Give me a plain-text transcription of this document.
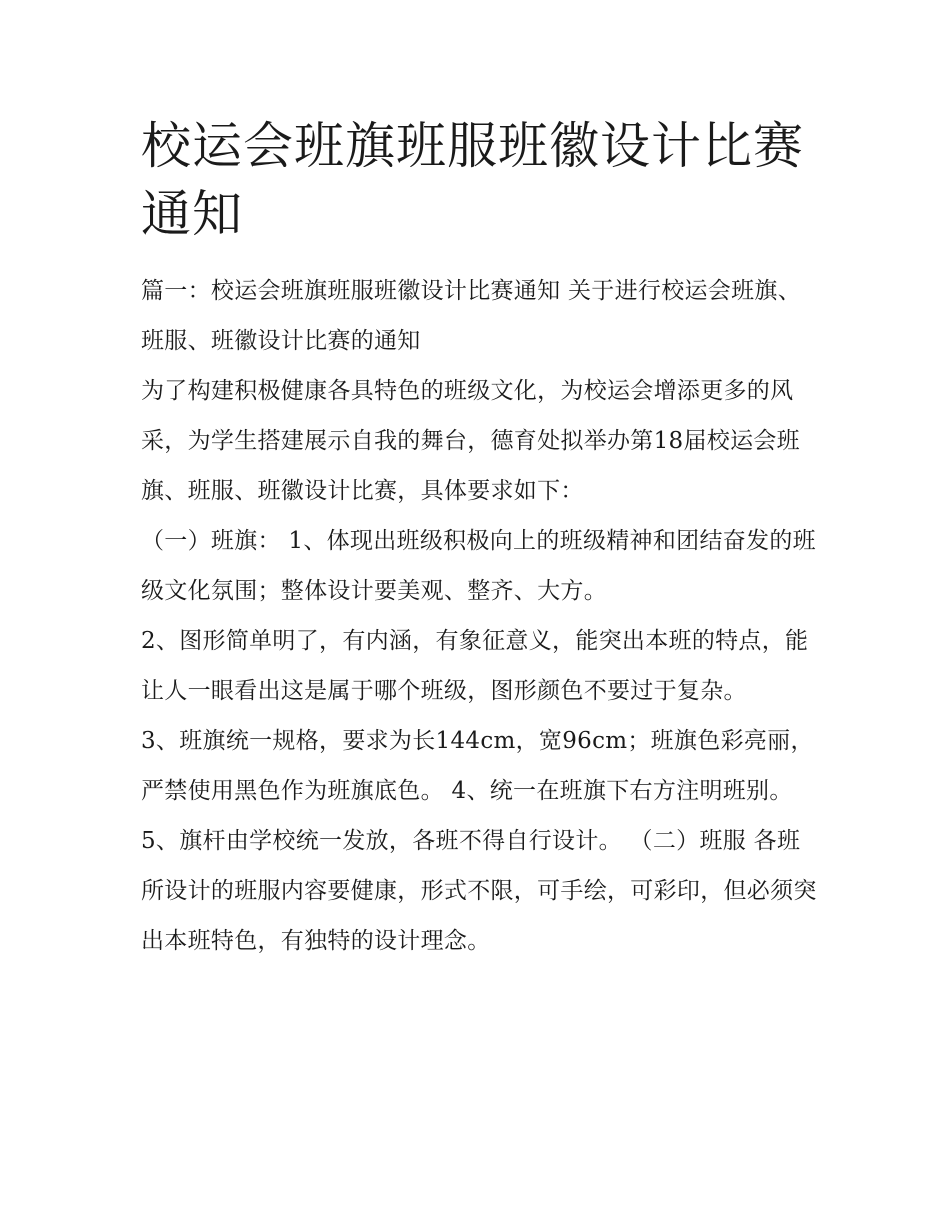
校运会班旗班服班徽设计比赛通知

篇一：校运会班旗班服班徽设计比赛通知 关于进行校运会班旗、班服、班徽设计比赛的通知

为了构建积极健康各具特色的班级文化，为校运会增添更多的风采，为学生搭建展示自我的舞台，德育处拟举办第18届校运会班旗、班服、班徽设计比赛，具体要求如下：

（一）班旗： 1、体现出班级积极向上的班级精神和团结奋发的班级文化氛围；整体设计要美观、整齐、大方。

2、图形简单明了，有内涵，有象征意义，能突出本班的特点，能让人一眼看出这是属于哪个班级，图形颜色不要过于复杂。

3、班旗统一规格，要求为长144cm，宽96cm；班旗色彩亮丽，严禁使用黑色作为班旗底色。 4、统一在班旗下右方注明班别。

5、旗杆由学校统一发放，各班不得自行设计。 （二）班服 各班所设计的班服内容要健康，形式不限，可手绘，可彩印，但必须突出本班特色，有独特的设计理念。
